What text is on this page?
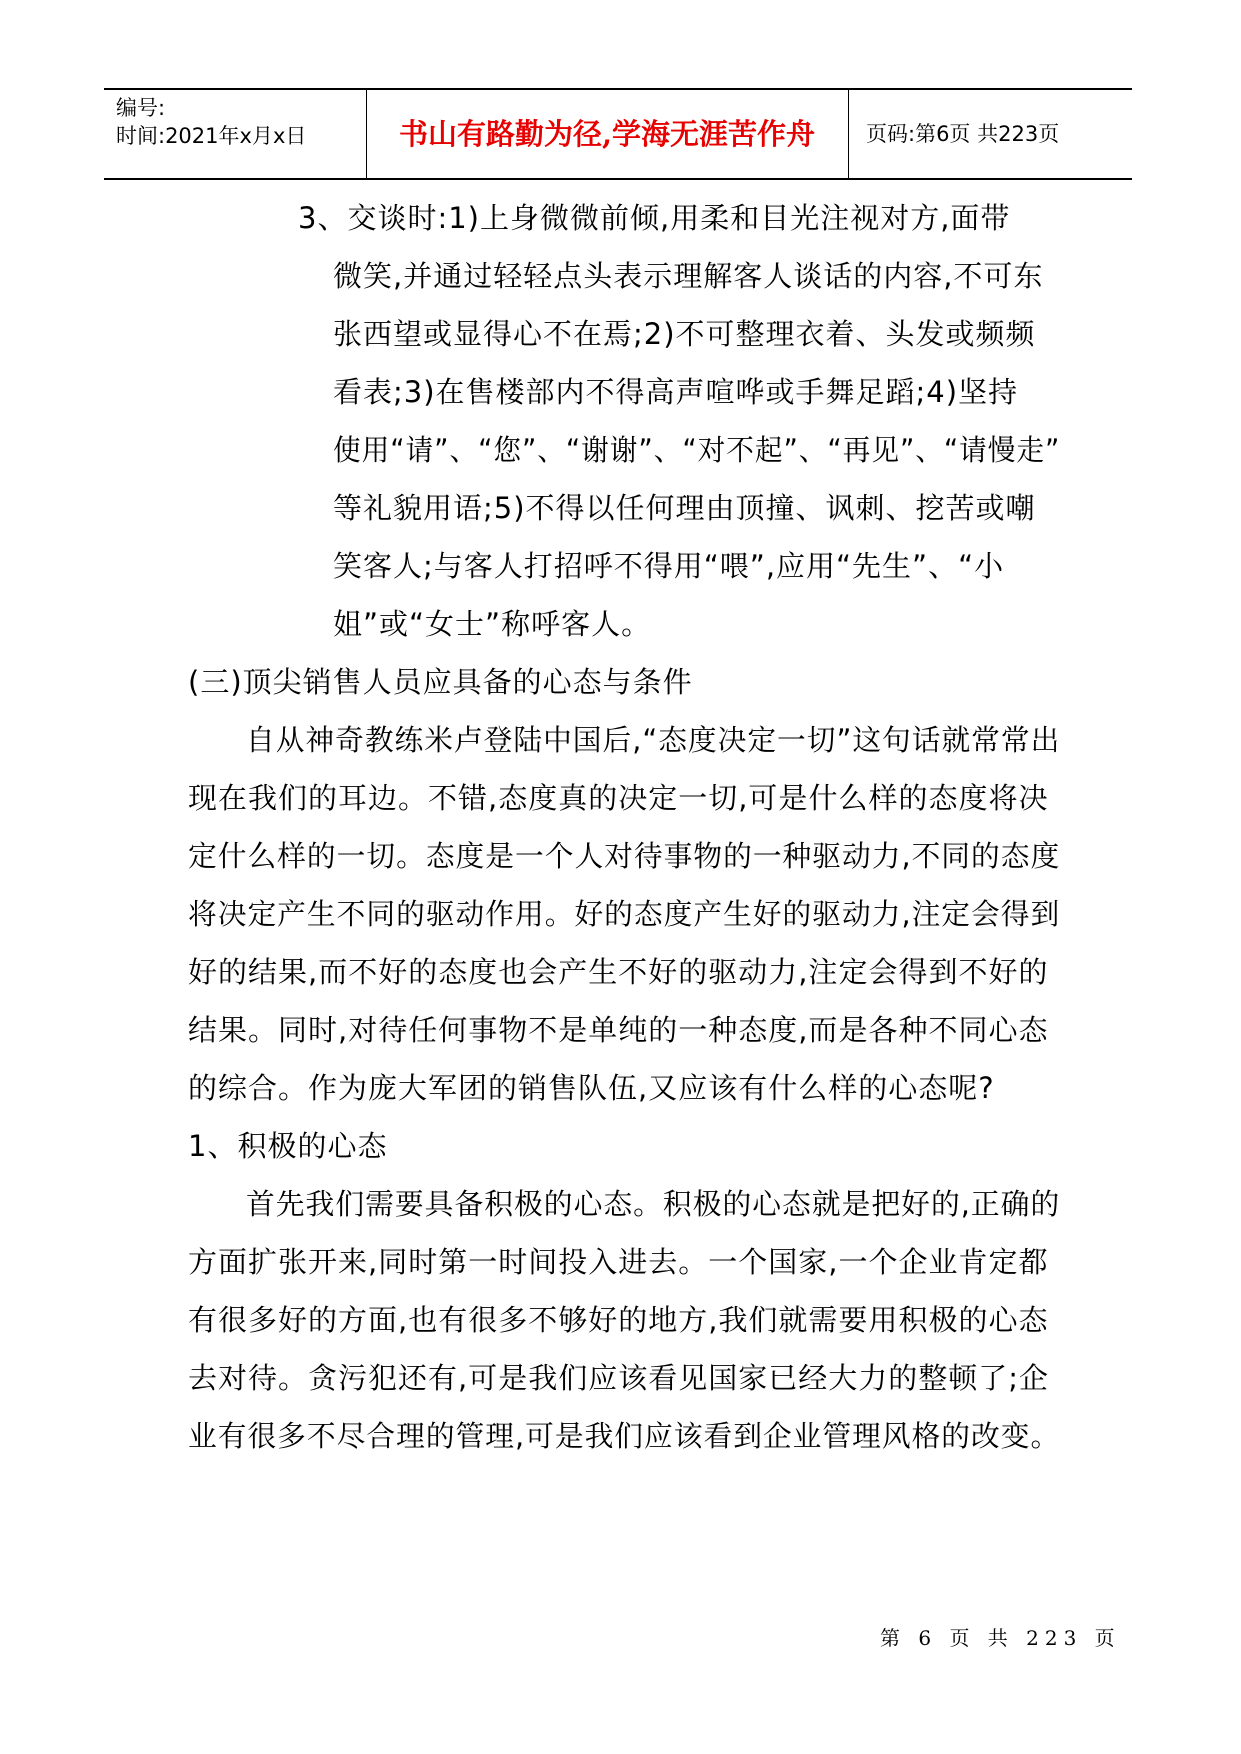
编号:
时间:2021年x月x日	书山有路勤为径,学海无涯苦作舟	页码:第6页 共223页
3、交谈时:1)上身微微前倾,用柔和目光注视对方,面带
微笑,并通过轻轻点头表示理解客人谈话的内容,不可东
张西望或显得心不在焉;2)不可整理衣着、头发或频频
看表;3)在售楼部内不得高声喧哗或手舞足蹈;4)坚持
使用“请”、“您”、“谢谢”、“对不起”、“再见”、“请慢走”
等礼貌用语;5)不得以任何理由顶撞、讽刺、挖苦或嘲
笑客人;与客人打招呼不得用“喂”,应用“先生”、“小
姐”或“女士”称呼客人。
(三)顶尖销售人员应具备的心态与条件
自从神奇教练米卢登陆中国后,“态度决定一切”这句话就常常出
现在我们的耳边。不错,态度真的决定一切,可是什么样的态度将决
定什么样的一切。态度是一个人对待事物的一种驱动力,不同的态度
将决定产生不同的驱动作用。好的态度产生好的驱动力,注定会得到
好的结果,而不好的态度也会产生不好的驱动力,注定会得到不好的
结果。同时,对待任何事物不是单纯的一种态度,而是各种不同心态
的综合。作为庞大军团的销售队伍,又应该有什么样的心态呢?
1、积极的心态
首先我们需要具备积极的心态。积极的心态就是把好的,正确的
方面扩张开来,同时第一时间投入进去。一个国家,一个企业肯定都
有很多好的方面,也有很多不够好的地方,我们就需要用积极的心态
去对待。贪污犯还有,可是我们应该看见国家已经大力的整顿了;企
业有很多不尽合理的管理,可是我们应该看到企业管理风格的改变。
第 6 页 共 223 页
